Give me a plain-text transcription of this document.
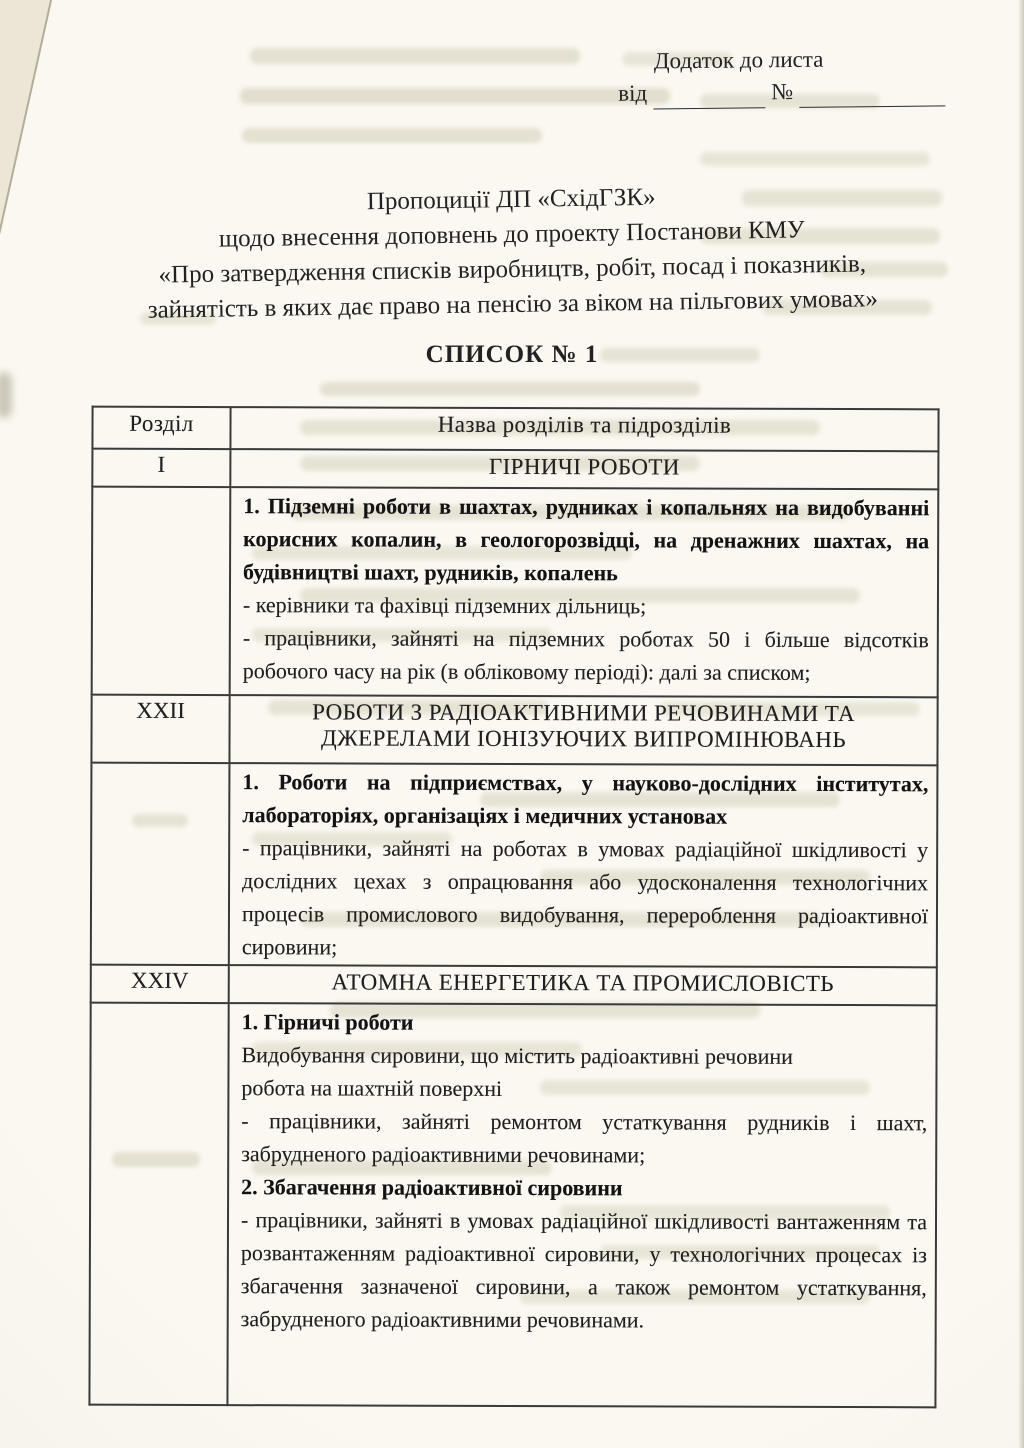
Додаток до листа
від	№
Пропоциції ДП «СхідГЗК»
щодо внесення доповнень до проекту Постанови КМУ
«Про затвердження списків виробництв, робіт, посад і показників,
зайнятість в яких дає право на пенсію за віком на пільгових умовах»
СПИСОК № 1
Розділ	Назва розділів та підрозділів
I	ГІРНИЧІ РОБОТИ

	1. Підземні роботи в шахтах, рудниках і копальнях на видобуванні корисних копалин, в геологорозвідці, на дренажних шахтах, на будівництві шахт, рудників, копалень

- керівники та фахівці підземних дільниць;

- працівники, зайняті на підземних роботах 50 і більше відсотків робочого часу на рік (в обліковому періоді): далі за списком;

XXII	РОБОТИ З РАДІОАКТИВНИМИ РЕЧОВИНАМИ ТА ДЖЕРЕЛАМИ ІОНІЗУЮЧИХ ВИПРОМІНЮВАНЬ

	1. Роботи на підприємствах, у науково-дослідних інститутах, лабораторіях, організаціях і медичних установах

- працівники, зайняті на роботах в умовах радіаційної шкідливості у дослідних цехах з опрацювання або удосконалення технологічних процесів промислового видобування, перероблення радіоактивної сировини;

XXIV	АТОМНА ЕНЕРГЕТИКА ТА ПРОМИСЛОВІСТЬ

1. Гірничі роботи

Видобування сировини, що містить радіоактивні речовини

робота на шахтній поверхні

- працівники, зайняті ремонтом устаткування рудників і шахт, забрудненого радіоактивними речовинами;

2. Збагачення радіоактивної сировини

- працівники, зайняті в умовах радіаційної шкідливості вантаженням та розвантаженням радіоактивної сировини, у технологічних процесах із збагачення зазначеної сировини, а також ремонтом устаткування, забрудненого радіоактивними речовинами.
